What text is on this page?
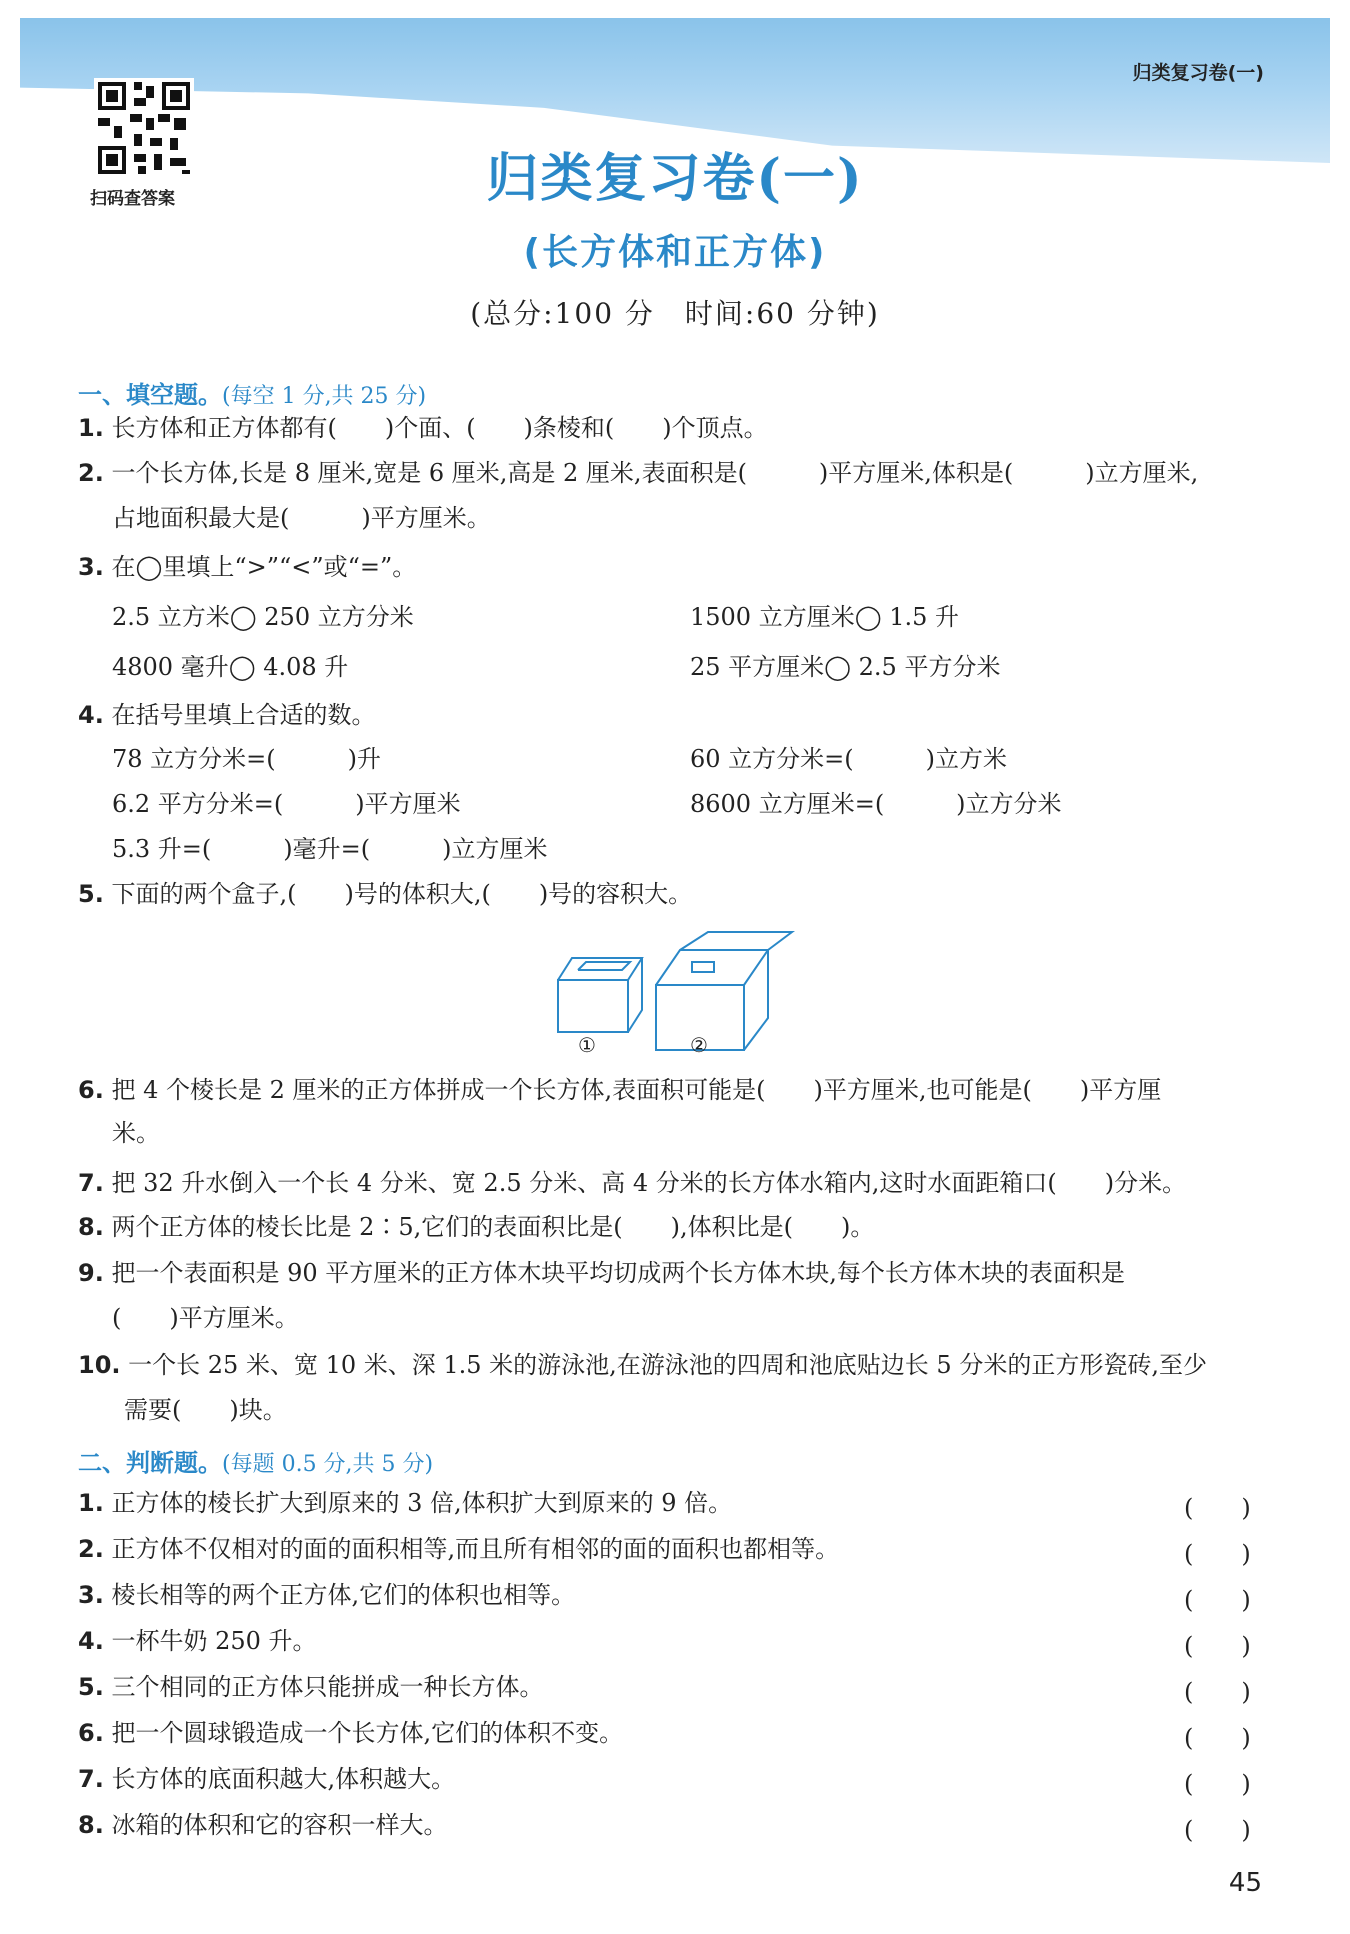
归类复习卷(一)
扫码查答案	归类复习卷(一)
(长方体和正方体)
(总分:100 分　时间:60 分钟)
一、填空题。(每空 1 分,共 25 分)
1. 长方体和正方体都有(　　)个面、(　　)条棱和(　　)个顶点。
2. 一个长方体,长是 8 厘米,宽是 6 厘米,高是 2 厘米,表面积是(　　　)平方厘米,体积是(　　　)立方厘米,
占地面积最大是(　　　)平方厘米。
3. 在◯里填上“>”“<”或“=”。
2.5 立方米◯ 250 立方分米	1500 立方厘米◯ 1.5 升
4800 毫升◯ 4.08 升	25 平方厘米◯ 2.5 平方分米
4. 在括号里填上合适的数。
78 立方分米=(　　　)升	60 立方分米=(　　　)立方米
6.2 平方分米=(　　　)平方厘米	8600 立方厘米=(　　　)立方分米
5.3 升=(　　　)毫升=(　　　)立方厘米
5. 下面的两个盒子,(　　)号的体积大,(　　)号的容积大。
①	②
6. 把 4 个棱长是 2 厘米的正方体拼成一个长方体,表面积可能是(　　)平方厘米,也可能是(　　)平方厘
米。
7. 把 32 升水倒入一个长 4 分米、宽 2.5 分米、高 4 分米的长方体水箱内,这时水面距箱口(　　)分米。
8. 两个正方体的棱长比是 2∶5,它们的表面积比是(　　),体积比是(　　)。
9. 把一个表面积是 90 平方厘米的正方体木块平均切成两个长方体木块,每个长方体木块的表面积是
(　　)平方厘米。
10. 一个长 25 米、宽 10 米、深 1.5 米的游泳池,在游泳池的四周和池底贴边长 5 分米的正方形瓷砖,至少
需要(　　)块。
二、判断题。(每题 0.5 分,共 5 分)
1. 正方体的棱长扩大到原来的 3 倍,体积扩大到原来的 9 倍。	(　　)
2. 正方体不仅相对的面的面积相等,而且所有相邻的面的面积也都相等。	(　　)
3. 棱长相等的两个正方体,它们的体积也相等。	(　　)
4. 一杯牛奶 250 升。	(　　)
5. 三个相同的正方体只能拼成一种长方体。	(　　)
6. 把一个圆球锻造成一个长方体,它们的体积不变。	(　　)
7. 长方体的底面积越大,体积越大。	(　　)
8. 冰箱的体积和它的容积一样大。	(　　)
45
